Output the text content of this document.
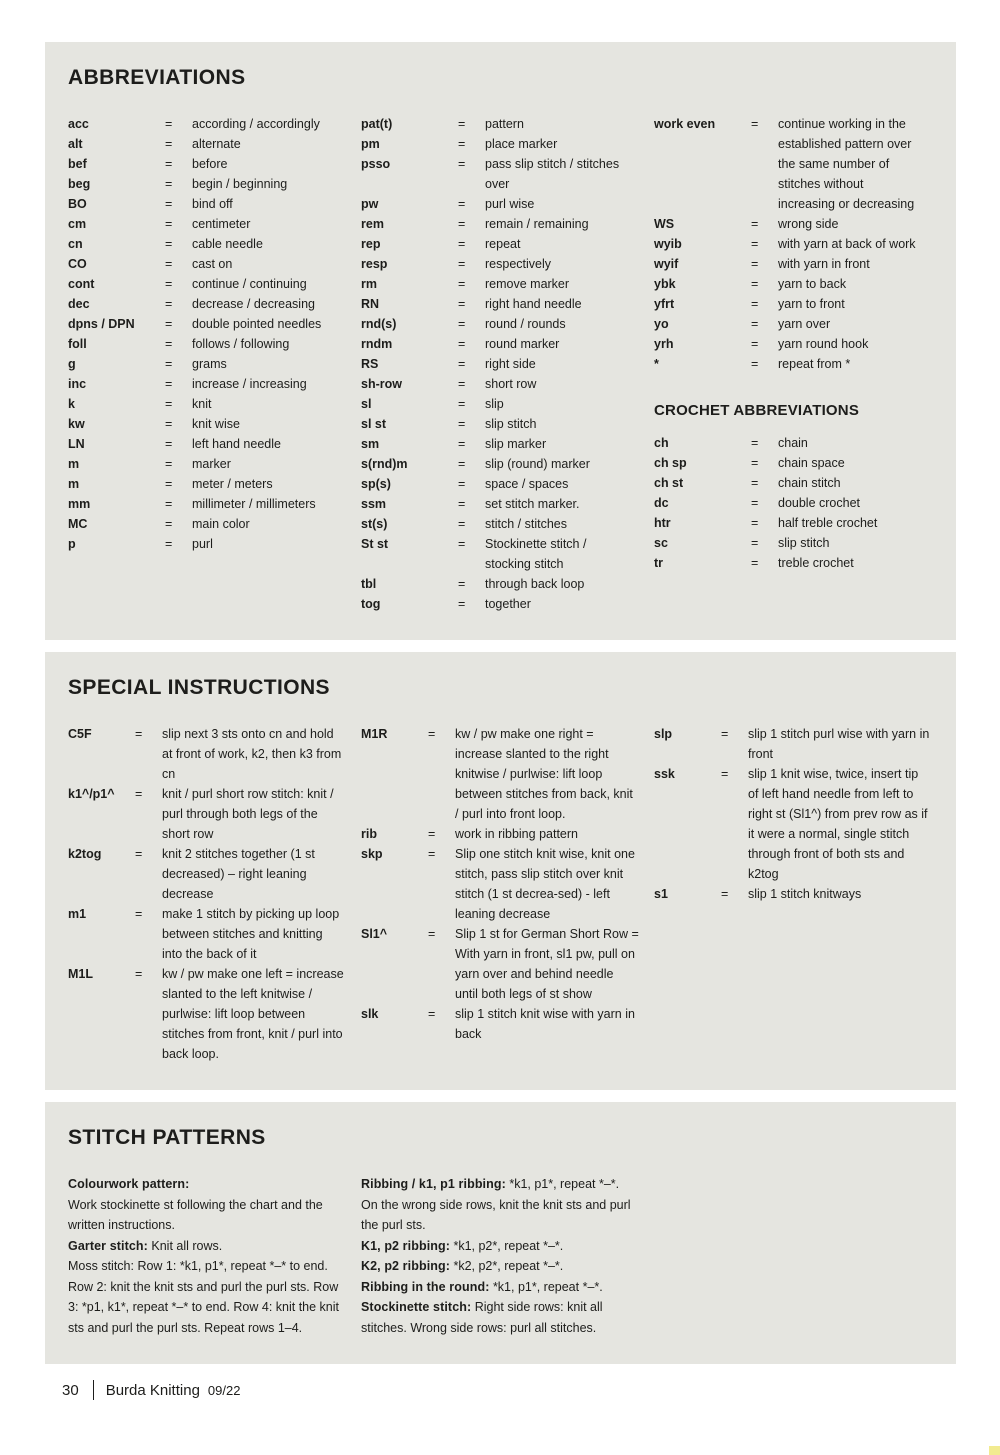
ABBREVIATIONS
acc	=	according / accordingly
alt	=	alternate
bef	=	before
beg	=	begin / beginning
BO	=	bind off
cm	=	centimeter
cn	=	cable needle
CO	=	cast on
cont	=	continue / continuing
dec	=	decrease / decreasing
dpns / DPN	=	double pointed needles
foll	=	follows / following
g	=	grams
inc	=	increase / increasing
k	=	knit
kw	=	knit wise
LN	=	left hand needle
m	=	marker
m	=	meter / meters
mm	=	millimeter / millimeters
MC	=	main color
p	=	purl
pat(t)	=	pattern
pm	=	place marker
psso	=	pass slip stitch / stitches over
pw	=	purl wise
rem	=	remain / remaining
rep	=	repeat
resp	=	respectively
rm	=	remove marker
RN	=	right hand needle
rnd(s)	=	round / rounds
rndm	=	round marker
RS	=	right side
sh-row	=	short row
sl	=	slip
sl st	=	slip stitch
sm	=	slip marker
s(rnd)m	=	slip (round) marker
sp(s)	=	space / spaces
ssm	=	set stitch marker.
st(s)	=	stitch / stitches
St st	=	Stockinette stitch / stocking stitch
tbl	=	through back loop
tog	=	together
work even	=	continue working in the established pattern over the same number of stitches without increasing or decreasing
WS	=	wrong side
wyib	=	with yarn at back of work
wyif	=	with yarn in front
ybk	=	yarn to back
yfrt	=	yarn to front
yo	=	yarn over
yrh	=	yarn round hook
*	=	repeat from *
CROCHET ABBREVIATIONS
ch	=	chain
ch sp	=	chain space
ch st	=	chain stitch
dc	=	double crochet
htr	=	half treble crochet
sc	=	slip stitch
tr	=	treble crochet
SPECIAL INSTRUCTIONS
C5F	=	slip next 3 sts onto cn and hold at front of work, k2, then k3 from cn
k1^/p1^	=	knit / purl short row stitch: knit / purl through both legs of the short row
k2tog	=	knit 2 stitches together (1 st decreased) – right leaning decrease
m1	=	make 1 stitch by picking up loop between stitches and knitting into the back of it
M1L	=	kw / pw make one left = increase slanted to the left knitwise / purlwise: lift loop between stitches from front, knit / purl into back loop.
M1R	=	kw / pw make one right = increase slanted to the right knitwise / purlwise: lift loop between stitches from back, knit / purl into front loop.
rib	=	work in ribbing pattern
skp	=	Slip one stitch knit wise, knit one stitch, pass slip stitch over knit stitch (1 st decrea-sed) - left leaning decrease
Sl1^	=	Slip 1 st for German Short Row = With yarn in front, sl1 pw, pull on yarn over and behind needle until both legs of st show
slk	=	slip 1 stitch knit wise with yarn in back
slp	=	slip 1 stitch purl wise with yarn in front
ssk	=	slip 1 knit wise, twice, insert tip of left hand needle from left to right st (Sl1^) from prev row as if it were a normal, single stitch through front of both sts and k2tog
s1	=	slip 1 stitch knitways
STITCH PATTERNS

Colourwork pattern:

Work stockinette st following the chart and the written instructions.

Garter stitch: Knit all rows.

Moss stitch: Row 1: *k1, p1*, repeat *–* to end. Row 2: knit the knit sts and purl the purl sts. Row 3: *p1, k1*, repeat *–* to end. Row 4: knit the knit sts and purl the purl sts. Repeat rows 1–4.

Ribbing / k1, p1 ribbing: *k1, p1*, repeat *–*. On the wrong side rows, knit the knit sts and purl the purl sts.

K1, p2 ribbing: *k1, p2*, repeat *–*.

K2, p2 ribbing: *k2, p2*, repeat *–*.

Ribbing in the round: *k1, p1*, repeat *–*.

Stockinette stitch: Right side rows: knit all stitches. Wrong side rows: purl all stitches.

30 Burda Knitting 09/22
